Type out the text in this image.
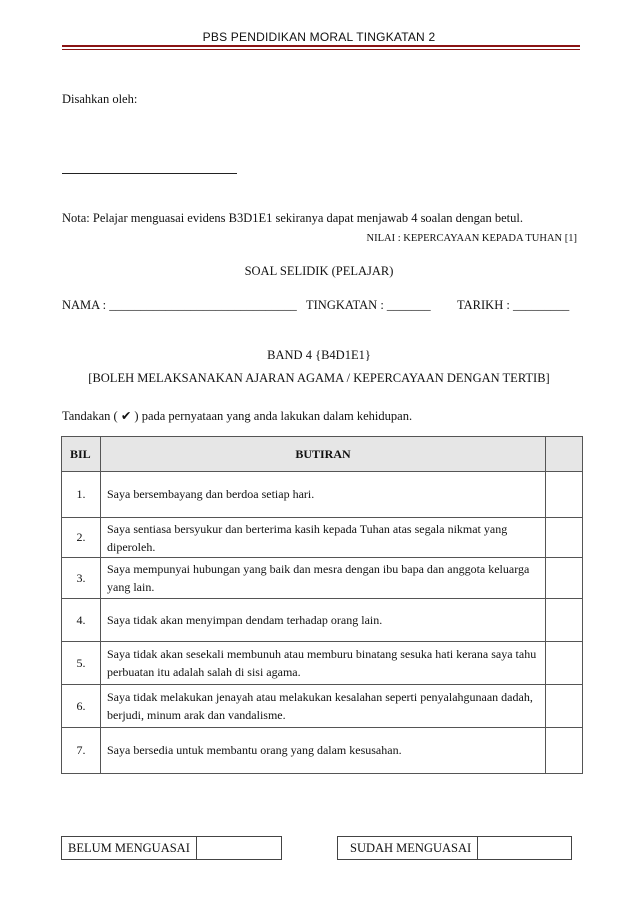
PBS PENDIDIKAN MORAL TINGKATAN 2
Disahkan oleh:
Nota: Pelajar menguasai evidens B3D1E1 sekiranya dapat menjawab 4 soalan dengan betul.
NILAI : KEPERCAYAAN KEPADA TUHAN [1]
SOAL SELIDIK (PELAJAR)
NAMA : ______________________________ TINGKATAN : _______ TARIKH : _________
BAND 4 {B4D1E1}
[BOLEH MELAKSANAKAN AJARAN AGAMA / KEPERCAYAAN DENGAN TERTIB]
Tandakan ( ✔ ) pada pernyataan yang anda lakukan dalam kehidupan.
BIL	BUTIRAN	
1.	Saya bersembayang dan berdoa setiap hari.	
2.	Saya sentiasa bersyukur dan berterima kasih kepada Tuhan atas segala nikmat yang diperoleh.	
3.	Saya mempunyai hubungan yang baik dan mesra dengan ibu bapa dan anggota keluarga yang lain.	
4.	Saya tidak akan menyimpan dendam terhadap orang lain.	
5.	Saya tidak akan sesekali membunuh atau memburu binatang sesuka hati kerana saya tahu perbuatan itu adalah salah di sisi agama.	
6.	Saya tidak melakukan jenayah atau melakukan kesalahan seperti penyalahgunaan dadah, berjudi, minum arak dan vandalisme.	
7.	Saya bersedia untuk membantu orang yang dalam kesusahan.	
BELUM MENGUASAI	SUDAH MENGUASAI
